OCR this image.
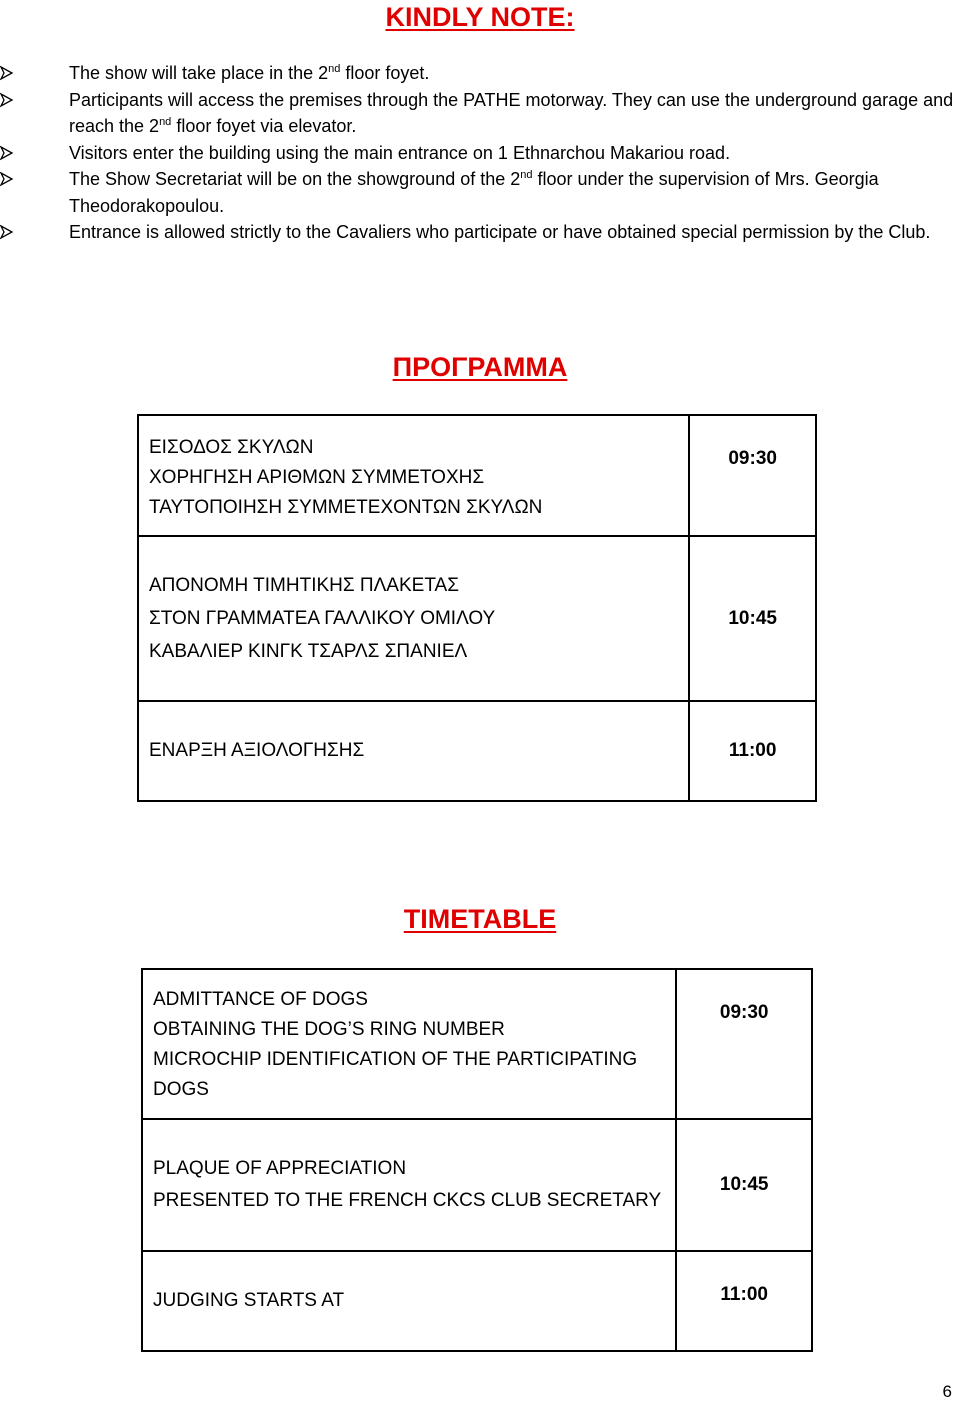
KINDLY NOTE:
The show will take place in the 2nd floor foyet.
Participants will access the premises through the PATHE motorway. They can use the underground garage and reach the 2nd floor foyet via elevator.
Visitors enter the building using the main entrance on 1 Ethnarchou Makariou road.
The Show Secretariat will be on the showground of the 2nd floor under the supervision of Mrs. Georgia Theodorakopoulou.
Entrance is allowed strictly to the Cavaliers who participate or have obtained special permission by the Club.
ΠΡΟΓΡΑΜΜΑ
ΕΙΣΟΔΟΣ ΣΚΥΛΩΝ
ΧΟΡΗΓΗΣΗ ΑΡΙΘΜΩΝ ΣΥΜΜΕΤΟΧΗΣ
ΤΑΥΤΟΠΟΙΗΣΗ ΣΥΜΜΕΤΕΧΟΝΤΩΝ ΣΚΥΛΩΝ	09:30

ΑΠΟΝΟΜΗ ΤΙΜΗΤΙΚΗΣ ΠΛΑΚΕΤΑΣ
ΣΤΟΝ ΓΡΑΜΜΑΤΕΑ ΓΑΛΛΙΚΟΥ ΟΜΙΛΟΥ
ΚΑΒΑΛΙΕΡ ΚΙΝΓΚ ΤΣΑΡΛΣ ΣΠΑΝΙΕΛ	10:45

ΕΝΑΡΞΗ ΑΞΙΟΛΟΓΗΣΗΣ	11:00
TIMETABLE
ADMITTANCE OF DOGS
OBTAINING THE DOG’S RING NUMBER
MICROCHIP IDENTIFICATION OF THE PARTICIPATING DOGS	09:30

PLAQUE OF APPRECIATION
PRESENTED TO THE FRENCH CKCS CLUB SECRETARY	10:45

JUDGING STARTS AT	11:00
6
